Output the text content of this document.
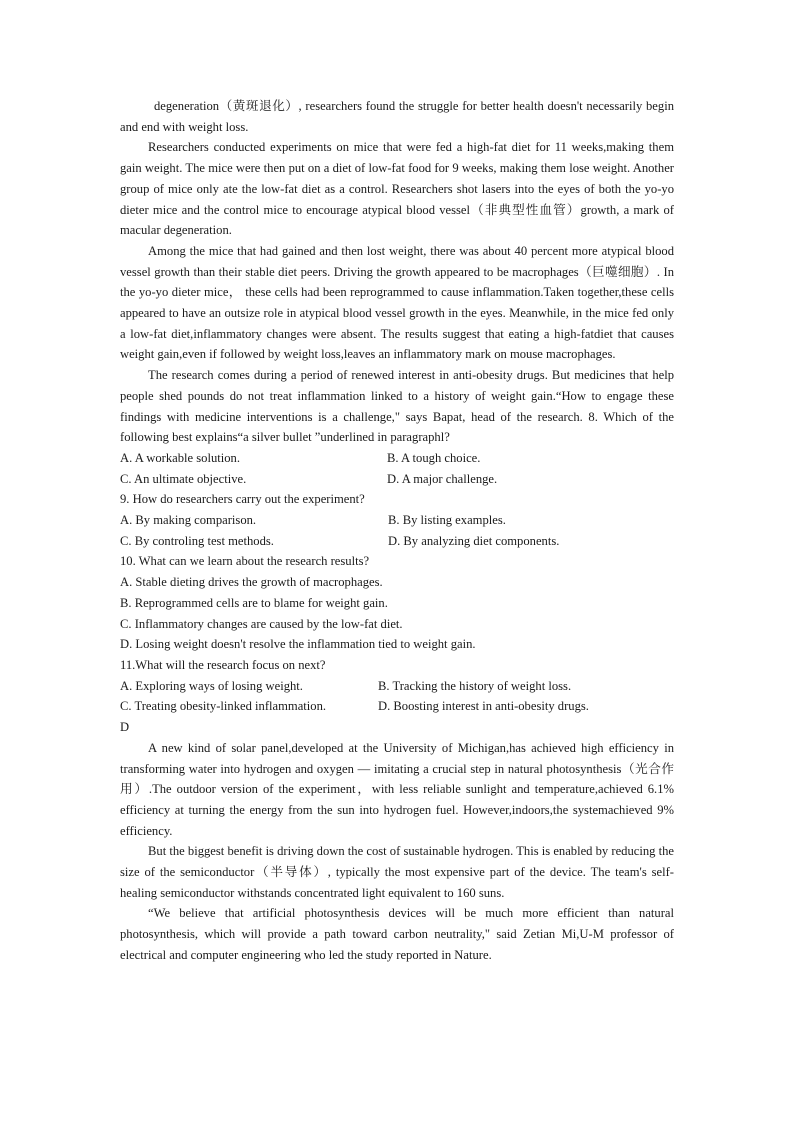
degeneration（黄斑退化）, researchers found the struggle for better health doesn't necessarily begin and end with weight loss.

Researchers conducted experiments on mice that were fed a high-fat diet for 11 weeks,making them gain weight. The mice were then put on a diet of low-fat food for 9 weeks, making them lose weight. Another group of mice only ate the low-fat diet as a control. Researchers shot lasers into the eyes of both the yo-yo dieter mice and the control mice to encourage atypical blood vessel（非典型性血管）growth, a mark of macular degeneration.

Among the mice that had gained and then lost weight, there was about 40 percent more atypical blood vessel growth than their stable diet peers. Driving the growth appeared to be macrophages（巨噬细胞）. In the yo-yo dieter mice， these cells had been reprogrammed to cause inflammation.Taken together,these cells appeared to have an outsize role in atypical blood vessel growth in the eyes. Meanwhile, in the mice fed only a low-fat diet,inflammatory changes were absent. The results suggest that eating a high-fatdiet that causes weight gain,even if followed by weight loss,leaves an inflammatory mark on mouse macrophages.

The research comes during a period of renewed interest in anti-obesity drugs. But medicines that help people shed pounds do not treat inflammation linked to a history of weight gain.“How to engage these findings with medicine interventions is a challenge," says Bapat, head of the research. 8. Which of the following best explains“a silver bullet ”underlined in paragraphl?

A. A workable solution.	B. A tough choice.
C. An ultimate objective.	D. A major challenge.

9. How do researchers carry out the experiment?

A. By making comparison.	B. By listing examples.
C. By controling test methods.	D. By analyzing diet components.

10. What can we learn about the research results?

A. Stable dieting drives the growth of macrophages.

B. Reprogrammed cells are to blame for weight gain.

C. Inflammatory changes are caused by the low-fat diet.

D. Losing weight doesn't resolve the inflammation tied to weight gain.

11.What will the research focus on next?

A. Exploring ways of losing weight.	B. Tracking the history of weight loss.
C. Treating obesity-linked inflammation.	D. Boosting interest in anti-obesity drugs.

D

A new kind of solar panel,developed at the University of Michigan,has achieved high efficiency in transforming water into hydrogen and oxygen — imitating a crucial step in natural photosynthesis（光合作用）.The outdoor version of the experiment，with less reliable sunlight and temperature,achieved 6.1% efficiency at turning the energy from the sun into hydrogen fuel. However,indoors,the systemachieved 9% efficiency.

But the biggest benefit is driving down the cost of sustainable hydrogen. This is enabled by reducing the size of the semiconductor（半导体）, typically the most expensive part of the device. The team's self-healing semiconductor withstands concentrated light equivalent to 160 suns.

“We believe that artificial photosynthesis devices will be much more efficient than natural photosynthesis, which will provide a path toward carbon neutrality," said Zetian Mi,U-M professor of electrical and computer engineering who led the study reported in Nature.
